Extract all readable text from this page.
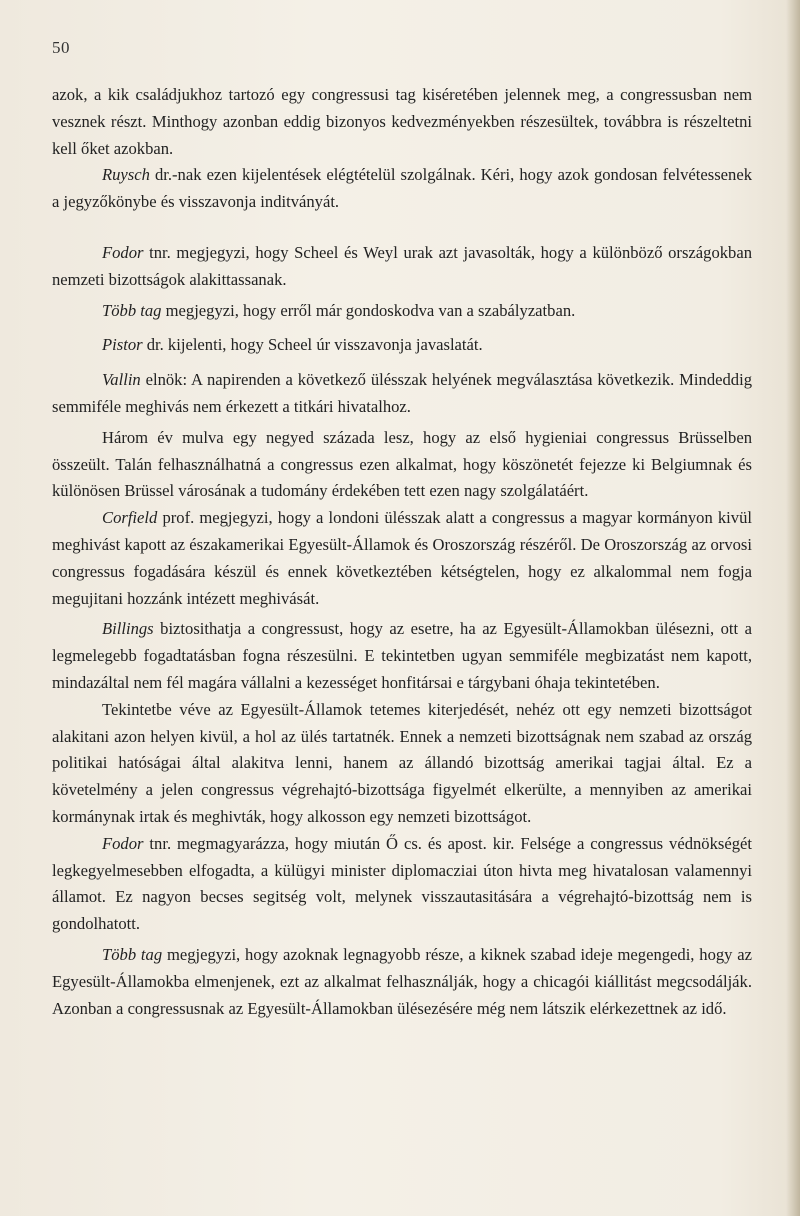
50

azok, a kik családjukhoz tartozó egy congressusi tag kiséretében jelennek meg, a congressusban nem vesznek részt. Minthogy azonban eddig bizonyos kedvezményekben részesültek, továbbra is részeltetni kell őket azokban.

Ruysch dr.-nak ezen kijelentések elégtételül szolgálnak. Kéri, hogy azok gondosan felvétessenek a jegyzőkönybe és visszavonja inditványát.

Fodor tnr. megjegyzi, hogy Scheel és Weyl urak azt javasolták, hogy a különböző országokban nemzeti bizottságok alakittassanak.

Több tag megjegyzi, hogy erről már gondoskodva van a szabályzatban.

Pistor dr. kijelenti, hogy Scheel úr visszavonja javaslatát.

Vallin elnök: A napirenden a következő ülésszak helyének megválasztása következik. Mindeddig semmiféle meghivás nem érkezett a titkári hivatalhoz.

Három év mulva egy negyed százada lesz, hogy az első hygieniai congressus Brüsselben összeült. Talán felhasználhatná a congressus ezen alkalmat, hogy köszönetét fejezze ki Belgiumnak és különösen Brüssel városának a tudomány érdekében tett ezen nagy szolgálatáért.

Corfield prof. megjegyzi, hogy a londoni ülésszak alatt a congressus a magyar kormányon kivül meghivást kapott az északamerikai Egyesült-Államok és Oroszország részéről. De Oroszország az orvosi congressus fogadására készül és ennek következtében kétségtelen, hogy ez alkalommal nem fogja megujitani hozzánk intézett meghivását.

Billings biztosithatja a congressust, hogy az esetre, ha az Egyesült-Államokban ülésezni, ott a legmelegebb fogadtatásban fogna részesülni. E tekintetben ugyan semmiféle megbizatást nem kapott, mindazáltal nem fél magára vállalni a kezességet honfitársai e tárgybani óhaja tekintetében.

Tekintetbe véve az Egyesült-Államok tetemes kiterjedését, nehéz ott egy nemzeti bizottságot alakitani azon helyen kivül, a hol az ülés tartatnék. Ennek a nemzeti bizottságnak nem szabad az ország politikai hatóságai által alakitva lenni, hanem az állandó bizottság amerikai tagjai által. Ez a követelmény a jelen congressus végrehajtó-bizottsága figyelmét elkerülte, a mennyiben az amerikai kormánynak irtak és meghivták, hogy alkosson egy nemzeti bizottságot.

Fodor tnr. megmagyarázza, hogy miután Ő cs. és apost. kir. Felsége a congressus védnökségét legkegyelmesebben elfogadta, a külügyi minister diplomacziai úton hivta meg hivatalosan valamennyi államot. Ez nagyon becses segitség volt, melynek visszautasitására a végrehajtó-bizottság nem is gondolhatott.

Több tag megjegyzi, hogy azoknak legnagyobb része, a kiknek szabad ideje megengedi, hogy az Egyesült-Államokba elmenjenek, ezt az alkalmat felhasználják, hogy a chicagói kiállitást megcsodálják. Azonban a congressusnak az Egyesült-Államokban ülésezésére még nem látszik elérkezettnek az idő.
